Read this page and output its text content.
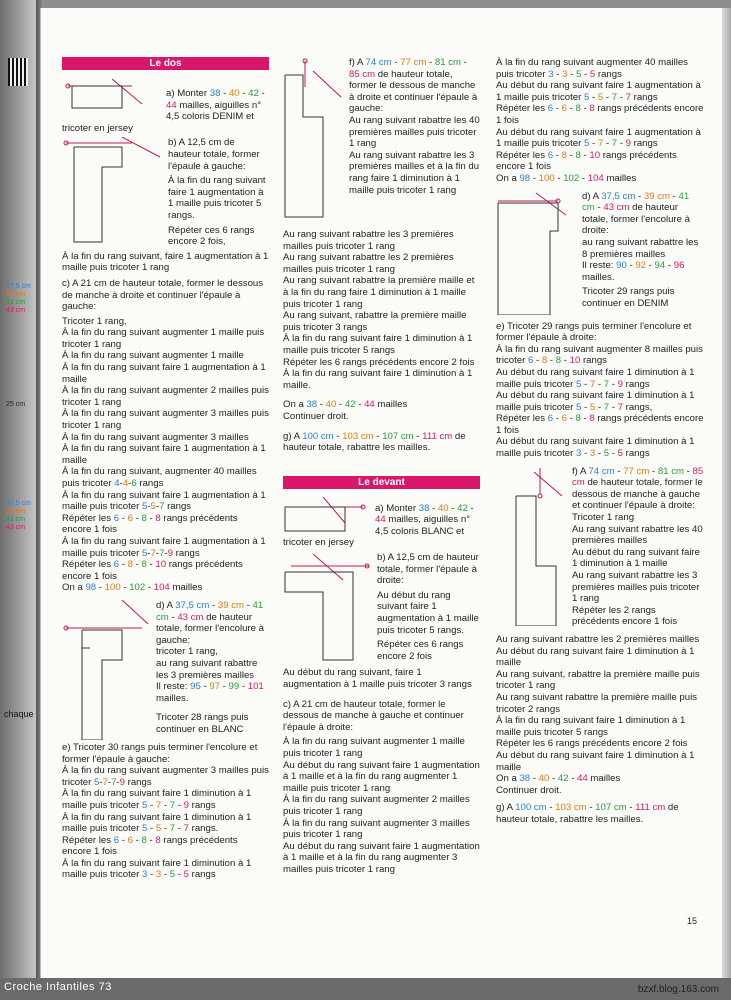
37,5 cm
39 cm
41 cm
43 cm
25 cm
37,5 cm
39 cm
41 cm
43 cm
chaque
Le dos

a) Monter 38 - 40 - 42 - 44 mailles, aiguilles n° 4,5 coloris DENIM et tricoter en jersey

b) A 12,5 cm de hauteur totale, former l'épaule à gauche:

À la fin du rang suivant faire 1 augmentation à 1 maille puis tricoter 5 rangs.

Répéter ces 6 rangs encore 2 fois,

À la fin du rang suivant, faire 1 augmentation à 1 maille puis tricoter 1 rang

c) A 21 cm de hauteur totale, former le dessous de manche à droite et continuer l'épaule à gauche:

Tricoter 1 rang,

À la fin du rang suivant augmenter 1 maille puis tricoter 1 rang

À la fin du rang suivant augmenter 1 maille

À la fin du rang suivant faire 1 augmentation à 1 maille

À la fin du rang suivant augmenter 2 mailles puis tricoter 1 rang

À la fin du rang suivant augmenter 3 mailles puis tricoter 1 rang

À la fin du rang suivant augmenter 3 mailles

À la fin du rang suivant faire 1 augmentation à 1 maille

À la fin du rang suivant, augmenter 40 mailles puis tricoter 4-4-6 rangs

À la fin du rang suivant faire 1 augmentation à 1 maille puis tricoter 5-5-7 rangs

Répéter les 6 - 6 - 8 - 8 rangs précédents encore 1 fois

À la fin du rang suivant faire 1 augmentation à 1 maille puis tricoter 5-7-7-9 rangs

Répéter les 6 - 8 - 8 - 10 rangs précédents encore 1 fois

On a 98 - 100 - 102 - 104 mailles

d) A 37,5 cm - 39 cm - 41 cm - 43 cm de hauteur totale, former l'encolure à gauche:

tricoter 1 rang,

au rang suivant rabattre les 3 premières mailles

Il reste: 95 - 97 - 99 - 101 mailles.

Tricoter 28 rangs puis continuer en BLANC

e) Tricoter 30 rangs puis terminer l'encolure et former l'épaule à gauche:

À la fin du rang suivant augmenter 3 mailles puis tricoter 5-7-7-9 rangs

À la fin du rang suivant faire 1 diminution à 1 maille puis tricoter 5 - 7 - 7 - 9 rangs

À la fin du rang suivant faire 1 diminution à 1 maille puis tricoter 5 - 5 - 7 - 7 rangs.

Répéter les 6 - 6 - 8 - 8 rangs précédents encore 1 fois

À la fin du rang suivant faire 1 diminution à 1 maille puis tricoter 3 - 3 - 5 - 5 rangs

f) A 74 cm - 77 cm - 81 cm - 85 cm de hauteur totale, former le dessous de manche à droite et continuer l'épaule à gauche:

Au rang suivant rabattre les 40 premières mailles puis tricoter 1 rang

Au rang suivant rabattre les 3 premières mailles et à la fin du rang faire 1 diminution à 1 maille puis tricoter 1 rang

Au rang suivant rabattre les 3 premières mailles puis tricoter 1 rang

Au rang suivant rabattre les 2 premières mailles puis tricoter 1 rang

Au rang suivant rabattre la première maille et à la fin du rang faire 1 diminution à 1 maille puis tricoter 1 rang

Au rang suivant, rabattre la première maille puis tricoter 3 rangs

À la fin du rang suivant faire 1 diminution à 1 maille puis tricoter 5 rangs

Répéter les 6 rangs précédents encore 2 fois

À la fin du rang suivant faire 1 diminution à 1 maille.

On a 38 - 40 - 42 - 44 mailles

Continuer droit.

g) A 100 cm - 103 cm - 107 cm - 111 cm de hauteur totale, rabattre les mailles.

Le devant

a) Monter 38 - 40 - 42 - 44 mailles, aiguilles n° 4,5 coloris BLANC et tricoter en jersey

b) A 12,5 cm de hauteur totale, former l'épaule à droite:

Au début du rang suivant faire 1 augmentation à 1 maille puis tricoter 5 rangs.

Répéter ces 6 rangs encore 2 fois

Au début du rang suivant, faire 1 augmentation à 1 maille puis tricoter 3 rangs

c) A 21 cm de hauteur totale, former le dessous de manche à gauche et continuer l'épaule à droite:

À la fin du rang suivant augmenter 1 maille puis tricoter 1 rang

Au début du rang suivant faire 1 augmentation à 1 maille et à la fin du rang augmenter 1 maille puis tricoter 1 rang

À la fin du rang suivant augmenter 2 mailles puis tricoter 1 rang

À la fin du rang suivant augmenter 3 mailles puis tricoter 1 rang

Au début du rang suivant faire 1 augmentation à 1 maille et à la fin du rang augmenter 3 mailles puis tricoter 1 rang

À la fin du rang suivant augmenter 40 mailles puis tricoter 3 - 3 - 5 - 5 rangs

Au début du rang suivant faire 1 augmentation à 1 maille puis tricoter 5 - 5 - 7 - 7 rangs

Répéter les 6 - 6 - 8 - 8 rangs précédents encore 1 fois

Au début du rang suivant faire 1 augmentation à 1 maille puis tricoter 5 - 7 - 7 - 9 rangs

Répéter les 6 - 8 - 8 - 10 rangs précédents encore 1 fois

On a 98 - 100 - 102 - 104 mailles

d) A 37,5 cm - 39 cm - 41 cm - 43 cm de hauteur totale, former l'encolure à droite:

au rang suivant rabattre les 8 premières mailles

Il reste: 90 - 92 - 94 - 96 mailles.

Tricoter 29 rangs puis continuer en DENIM

e) Tricoter 29 rangs puis terminer l'encolure et former l'épaule à droite:

À la fin du rang suivant augmenter 8 mailles puis tricoter 6 - 8 - 8 - 10 rangs

Au début du rang suivant faire 1 diminution à 1 maille puis tricoter 5 - 7 - 7 - 9 rangs

Au début du rang suivant faire 1 diminution à 1 maille puis tricoter 5 - 5 - 7 - 7 rangs,

Répéter les 6 - 6 - 8 - 8 rangs précédents encore 1 fois

Au début du rang suivant faire 1 diminution à 1 maille puis tricoter 3 - 3 - 5 - 5 rangs

f) A 74 cm - 77 cm - 81 cm - 85 cm de hauteur totale, former le dessous de manche à gauche et continuer l'épaule à droite:

Tricoter 1 rang

Au rang suivant rabattre les 40 premières mailles

Au début du rang suivant faire 1 diminution à 1 maille

Au rang suivant rabattre les 3 premières mailles puis tricoter 1 rang

Répéter les 2 rangs précédents encore 1 fois

Au rang suivant rabattre les 2 premières mailles

Au début du rang suivant faire 1 diminution à 1 maille

Au rang suivant, rabattre la première maille puis tricoter 1 rang

Au rang suivant rabattre la première maille puis tricoter 2 rangs

À la fin du rang suivant faire 1 diminution à 1 maille puis tricoter 5 rangs

Répéter les 6 rangs précédents encore 2 fois

Au début du rang suivant faire 1 diminution à 1 maille

On a 38 - 40 - 42 - 44 mailles

Continuer droit.

g) A 100 cm - 103 cm - 107 cm - 111 cm de hauteur totale, rabattre les mailles.

15
Croche Infantiles 73	bzxf.blog.163.com
